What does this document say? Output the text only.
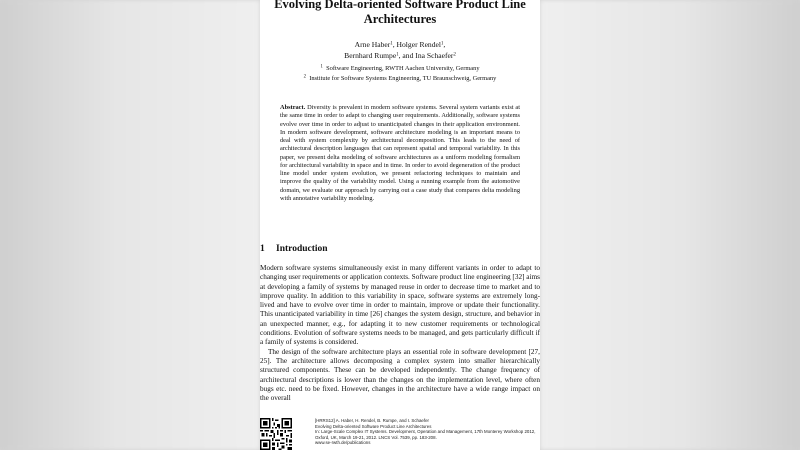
Evolving Delta-oriented Software Product Line
Architectures
Arne Haber$^1$, Holger Rendel$^1$,
Bernhard Rumpe$^1$, and Ina Schaefer$^2$
$^1$ Software Engineering, RWTH Aachen University, Germany
$^2$ Institute for Software Systems Engineering, TU Braunschweig, Germany
Abstract. Diversity is prevalent in modern software systems. Several system variants exist at the same time in order to adapt to changing user requirements. Additionally, software systems evolve over time in order to adjust to unanticipated changes in their application environment. In modern software development, software architecture modeling is an important means to deal with system complexity by architectural decomposition. This leads to the need of architectural description languages that can represent spatial and temporal variability. In this paper, we present delta modeling of software architectures as a uniform modeling formalism for architectural variability in space and in time. In order to avoid degeneration of the product line model under system evolution, we present refactoring techniques to maintain and improve the quality of the variability model. Using a running example from the automotive domain, we evaluate our approach by carrying out a case study that compares delta modeling with annotative variability modeling.
1 Introduction

Modern software systems simultaneously exist in many different variants in order to adapt to changing user requirements or application contexts. Software product line engineering [32] aims at developing a family of systems by managed reuse in order to decrease time to market and to improve quality. In addition to this variability in space, software systems are extremely long-lived and have to evolve over time in order to maintain, improve or update their functionality. This unanticipated variability in time [26] changes the system design, structure, and behavior in an unexpected manner, e.g., for adapting it to new customer requirements or technological conditions. Evolution of software systems needs to be managed, and gets particularly difficult if a family of systems is considered.

The design of the software architecture plays an essential role in software development [27, 25]. The architecture allows decomposing a complex system into smaller hierarchically structured components. These can be developed independently. The change frequency of architectural descriptions is lower than the changes on the implementation level, where often bugs etc. need to be fixed. However, changes in the architecture have a wide range impact on the overall

[HRRS12] A. Haber, H. Rendel, B. Rumpe, and I. Schaefer
Evolving Delta-oriented Software Product Line Architectures
In: Large-Scale Complex IT Systems. Development, Operation and Management, 17th Monterey Workshop 2012,
Oxford, UK, March 19-21, 2012. LNCS Vol. 7539, pp. 183-208.
www.se-rwth.de/publications
